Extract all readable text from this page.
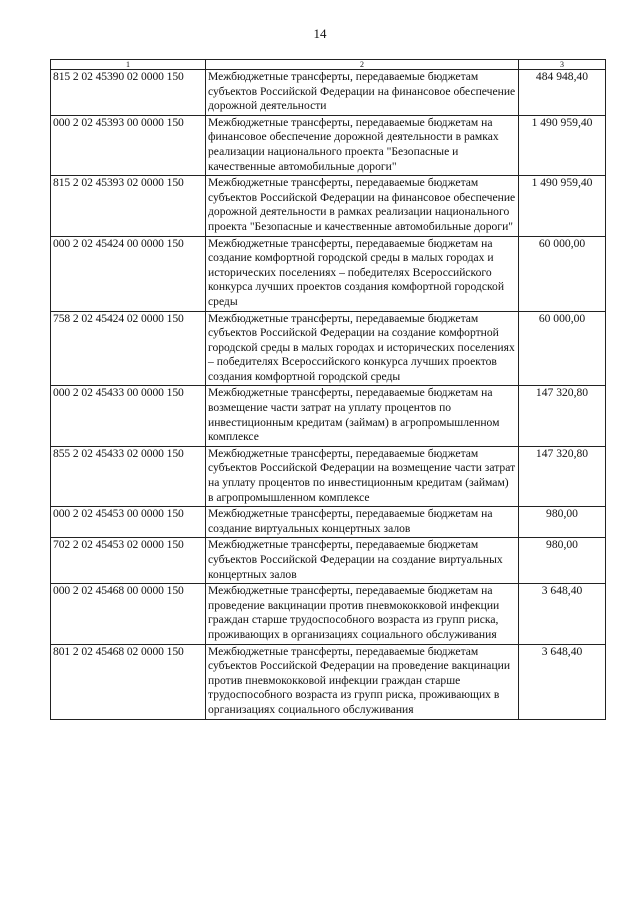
14
1	2	3
815 2 02 45390 02 0000 150	Межбюджетные трансферты, передаваемые бюджетам субъектов Российской Федерации на финансовое обеспечение дорожной деятельности	484 948,40
000 2 02 45393 00 0000 150	Межбюджетные трансферты, передаваемые бюджетам на финансовое обеспечение дорожной деятельности в рамках реализации национального проекта "Безопасные и качественные автомобильные дороги"	1 490 959,40
815 2 02 45393 02 0000 150	Межбюджетные трансферты, передаваемые бюджетам субъектов Российской Федерации на финансовое обеспечение дорожной деятельности в рамках реализации национального проекта "Безопасные и качественные автомобильные дороги"	1 490 959,40
000 2 02 45424 00 0000 150	Межбюджетные трансферты, передаваемые бюджетам на создание комфортной городской среды в малых городах и исторических поселениях – победителях Всероссийского конкурса лучших проектов создания комфортной городской среды	60 000,00
758 2 02 45424 02 0000 150	Межбюджетные трансферты, передаваемые бюджетам субъектов Российской Федерации на создание комфортной городской среды в малых городах и исторических поселениях – победителях Всероссийского конкурса лучших проектов создания комфортной городской среды	60 000,00
000 2 02 45433 00 0000 150	Межбюджетные трансферты, передаваемые бюджетам на возмещение части затрат на уплату процентов по инвестиционным кредитам (займам) в агропромышленном комплексе	147 320,80
855 2 02 45433 02 0000 150	Межбюджетные трансферты, передаваемые бюджетам субъектов Российской Федерации на возмещение части затрат на уплату процентов по инвестиционным кредитам (займам) в агропромышленном комплексе	147 320,80
000 2 02 45453 00 0000 150	Межбюджетные трансферты, передаваемые бюджетам на создание виртуальных концертных залов	980,00
702 2 02 45453 02 0000 150	Межбюджетные трансферты, передаваемые бюджетам субъектов Российской Федерации на создание виртуальных концертных залов	980,00
000 2 02 45468 00 0000 150	Межбюджетные трансферты, передаваемые бюджетам на проведение вакцинации против пневмококковой инфекции граждан старше трудоспособного возраста из групп риска, проживающих в организациях социального обслуживания	3 648,40
801 2 02 45468 02 0000 150	Межбюджетные трансферты, передаваемые бюджетам субъектов Российской Федерации на проведение вакцинации против пневмококковой инфекции граждан старше трудоспособного возраста из групп риска, проживающих в организациях социального обслуживания	3 648,40
